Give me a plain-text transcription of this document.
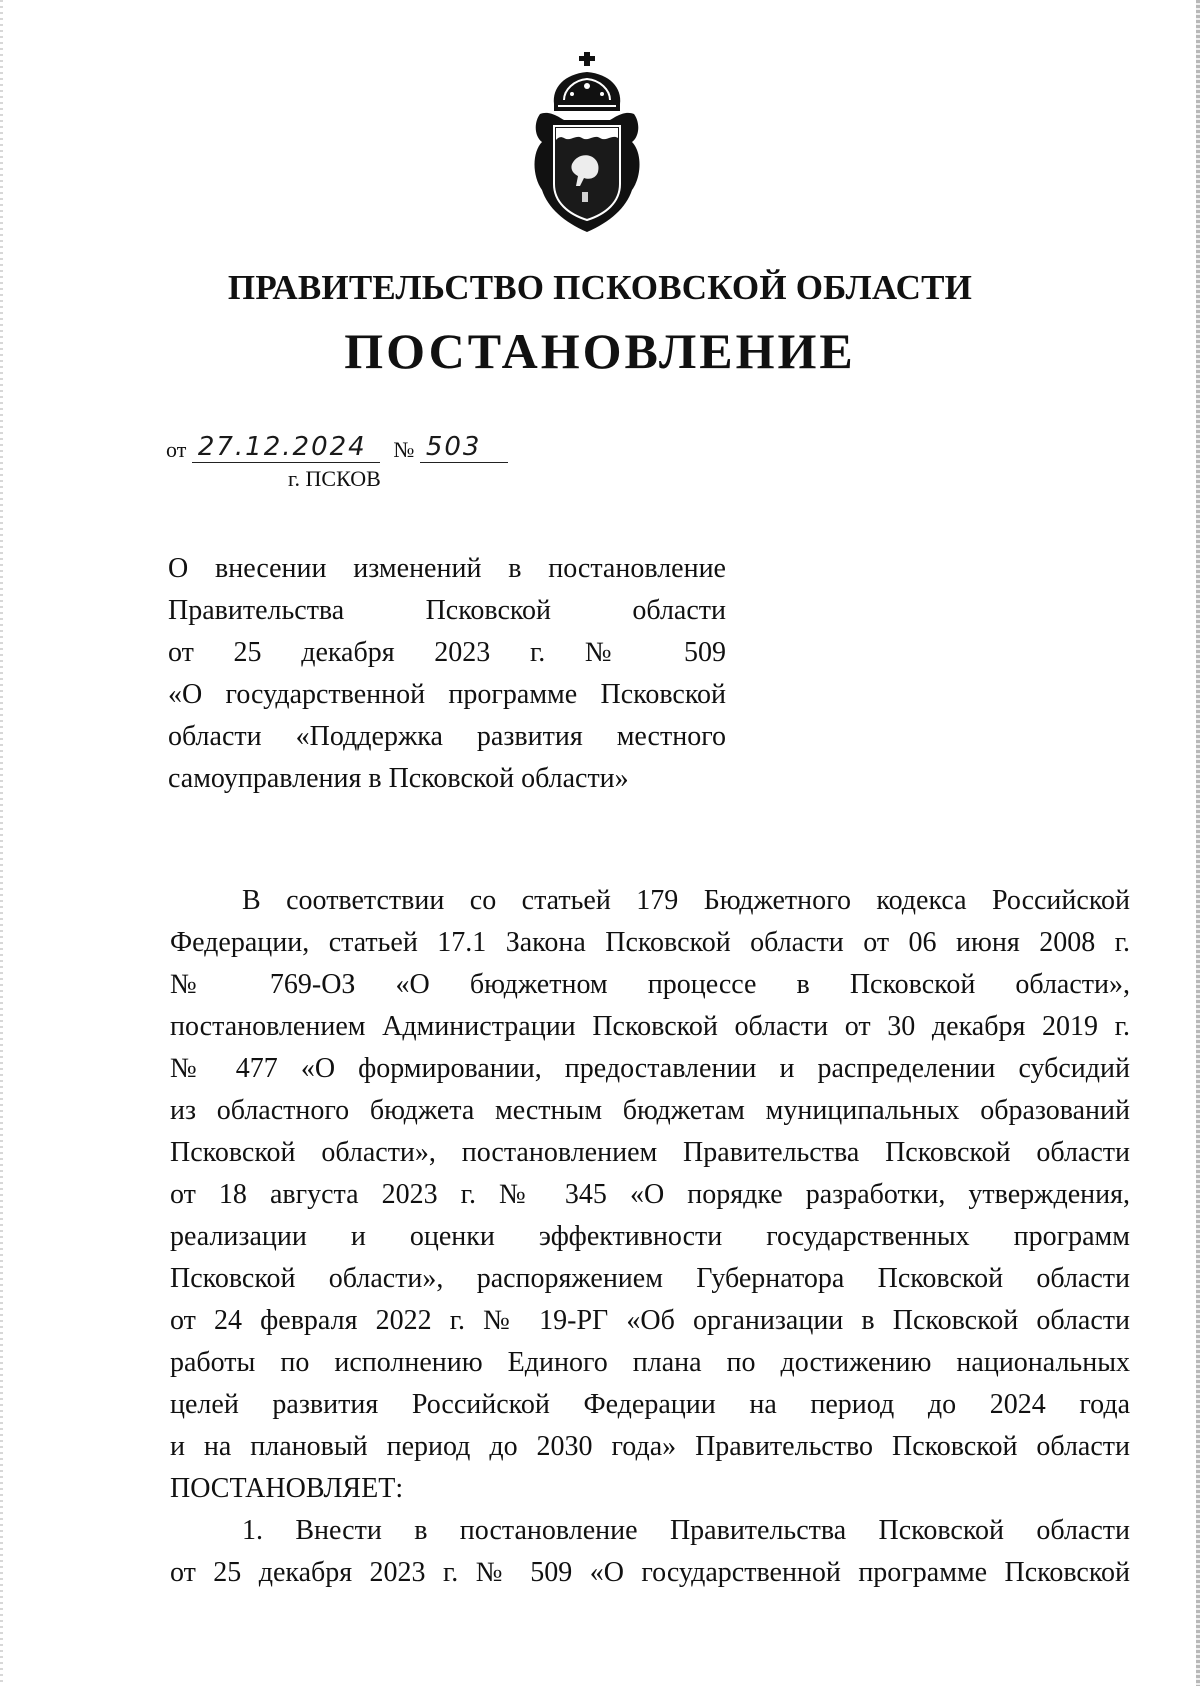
ПРАВИТЕЛЬСТВО ПСКОВСКОЙ ОБЛАСТИ
ПОСТАНОВЛЕНИЕ
от 27.12.2024 № 503
г. ПСКОВ
О внесении изменений в постановление
Правительства Псковской области
от 25 декабря 2023 г. № 509
«О государственной программе Псковской
области «Поддержка развития местного
самоуправления в Псковской области»
В соответствии со статьей 179 Бюджетного кодекса Российской
Федерации, статьей 17.1 Закона Псковской области от 06 июня 2008 г.
№ 769-ОЗ «О бюджетном процессе в Псковской области»,
постановлением Администрации Псковской области от 30 декабря 2019 г.
№ 477 «О формировании, предоставлении и распределении субсидий
из областного бюджета местным бюджетам муниципальных образований
Псковской области», постановлением Правительства Псковской области
от 18 августа 2023 г. № 345 «О порядке разработки, утверждения,
реализации и оценки эффективности государственных программ
Псковской области», распоряжением Губернатора Псковской области
от 24 февраля 2022 г. № 19-РГ «Об организации в Псковской области
работы по исполнению Единого плана по достижению национальных
целей развития Российской Федерации на период до 2024 года
и на плановый период до 2030 года» Правительство Псковской области
ПОСТАНОВЛЯЕТ:
1. Внести в постановление Правительства Псковской области
от 25 декабря 2023 г. № 509 «О государственной программе Псковской
